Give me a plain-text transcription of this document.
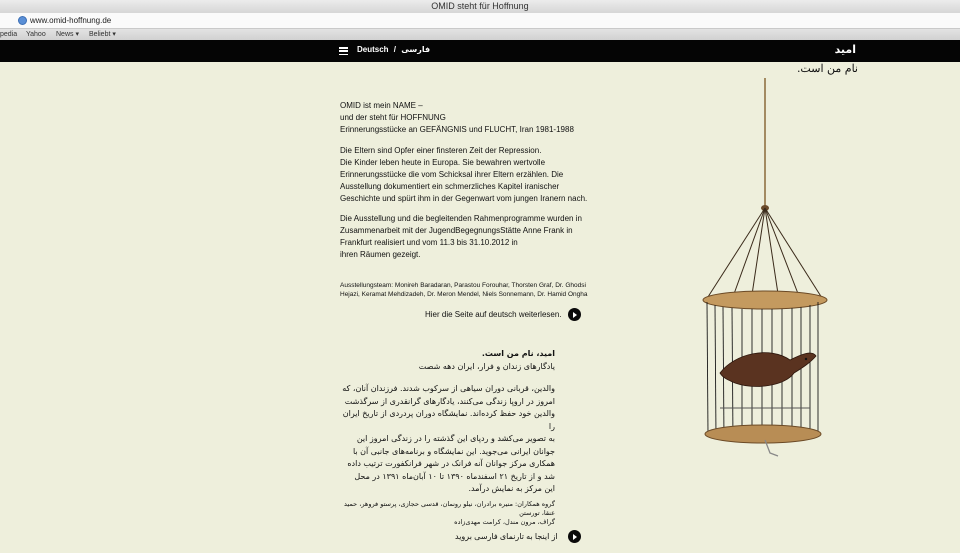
OMID steht für Hoffnung
www.omid-hoffnung.de
pedia Yahoo News ▾ Beliebt ▾
Deutsch / فارسی	امید
نام من است.
OMID ist mein NAME –
und der steht für HOFFNUNG
Erinnerungsstücke an GEFÄNGNIS und FLUCHT, Iran 1981-1988
Die Eltern sind Opfer einer finsteren Zeit der Repression.
Die Kinder leben heute in Europa. Sie bewahren wertvolle
Erinnerungsstücke die vom Schicksal ihrer Eltern erzählen. Die
Ausstellung dokumentiert ein schmerzliches Kapitel iranischer
Geschichte und spürt ihm in der Gegenwart vom jungen Iranern nach.
Die Ausstellung und die begleitenden Rahmenprogramme wurden in
Zusammenarbeit mit der JugendBegegnungsStätte Anne Frank in
Frankfurt realisiert und vom 11.3 bis 31.10.2012 in
ihren Räumen gezeigt.
Ausstellungsteam: Monireh Baradaran, Parastou Forouhar, Thorsten Graf, Dr. Ghodsi
Hejazi, Keramat Mehdizadeh, Dr. Meron Mendel, Niels Sonnemann, Dr. Hamid Ongha
Hier die Seite auf deutsch weiterlesen.
امید، نام من است.
یادگارهای زندان و فرار، ایران دهه شصت
والدین، قربانی دوران سیاهی از سرکوب شدند. فرزندان آنان، که
امروز در اروپا زندگی می‌کنند، یادگارهای گرانقدری از سرگذشت
والدین خود حفظ کرده‌اند. نمایشگاه دوران پردردی از تاریخ ایران را
به تصویر می‌کشد و ردپای این گذشته را در زندگی امروز این
جوانان ایرانی می‌جوید. این نمایشگاه و برنامه‌های جانبی آن با
همکاری مرکز جوانان آنه فرانک در شهر فرانکفورت ترتیب داده
شد و از تاریخ ۲۱ اسفندماه ۱۳۹۰ تا ۱۰ آبان‌ماه ۱۳۹۱ در محل
این مرکز به نمایش درآمد.
گروه همکاران: منیره برادران، نیلو رونمان، قدسی حجازی، پرستو فروهر، حمید عنقا، تورستن
گراف، مرون مندل، کرامت مهدی‌زاده
از اینجا به تارنمای فارسی بروید
